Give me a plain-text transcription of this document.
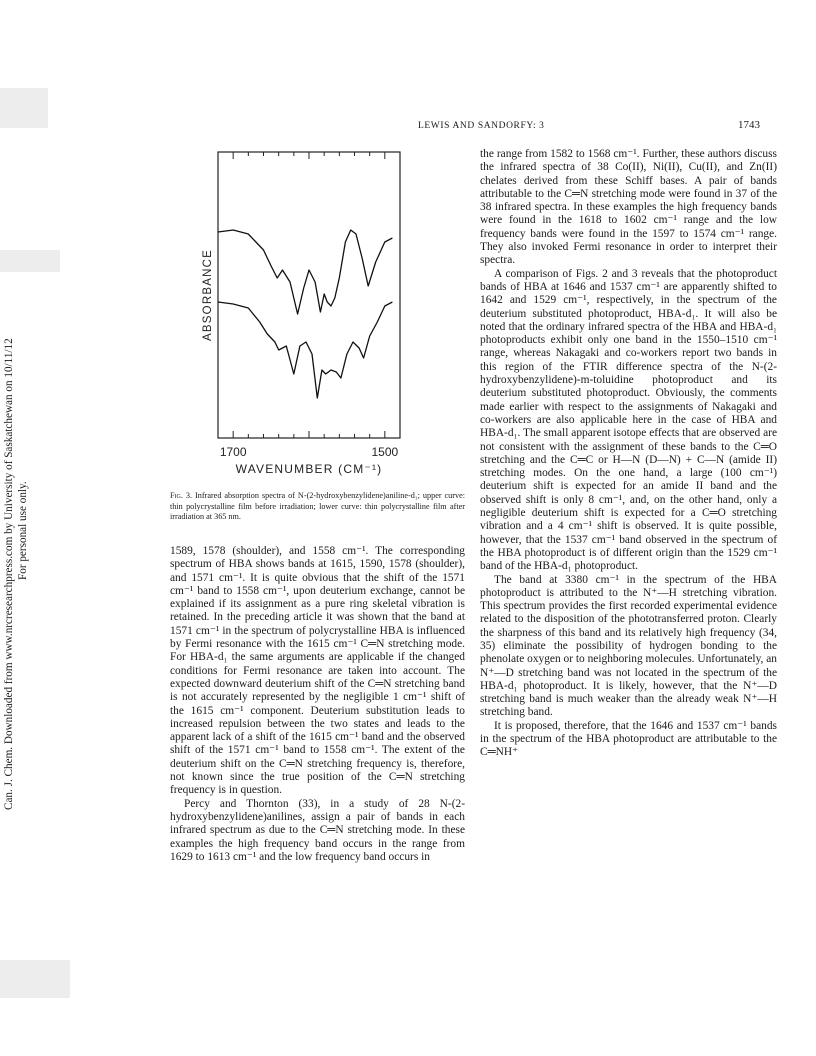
LEWIS AND SANDORFY: 3	1743
Can. J. Chem. Downloaded from www.nrcresearchpress.com by University of Saskatchewan on 10/11/12 For personal use only.
1700	1500
ABSORBANCE
WAVENUMBER (CM⁻¹)
Fig. 3. Infrared absorption spectra of N-(2-hydroxybenzylidene)aniline-d₁; upper curve: thin polycrystalline film before irradiation; lower curve: thin polycrystalline film after irradiation at 365 nm.

1589, 1578 (shoulder), and 1558 cm⁻¹. The corresponding spectrum of HBA shows bands at 1615, 1590, 1578 (shoulder), and 1571 cm⁻¹. It is quite obvious that the shift of the 1571 cm⁻¹ band to 1558 cm⁻¹, upon deuterium exchange, cannot be explained if its assignment as a pure ring skeletal vibration is retained. In the preceding article it was shown that the band at 1571 cm⁻¹ in the spectrum of polycrystalline HBA is influenced by Fermi resonance with the 1615 cm⁻¹ C═N stretching mode. For HBA-d₁ the same arguments are applicable if the changed conditions for Fermi resonance are taken into account. The expected downward deuterium shift of the C═N stretching band is not accurately represented by the negligible 1 cm⁻¹ shift of the 1615 cm⁻¹ component. Deuterium substitution leads to increased repulsion between the two states and leads to the apparent lack of a shift of the 1615 cm⁻¹ band and the observed shift of the 1571 cm⁻¹ band to 1558 cm⁻¹. The extent of the deuterium shift on the C═N stretching frequency is, therefore, not known since the true position of the C═N stretching frequency is in question.

Percy and Thornton (33), in a study of 28 N-(2-hydroxybenzylidene)anilines, assign a pair of bands in each infrared spectrum as due to the C═N stretching mode. In these examples the high frequency band occurs in the range from 1629 to 1613 cm⁻¹ and the low frequency band occurs in

the range from 1582 to 1568 cm⁻¹. Further, these authors discuss the infrared spectra of 38 Co(II), Ni(II), Cu(II), and Zn(II) chelates derived from these Schiff bases. A pair of bands attributable to the C═N stretching mode were found in 37 of the 38 infrared spectra. In these examples the high frequency bands were found in the 1618 to 1602 cm⁻¹ range and the low frequency bands were found in the 1597 to 1574 cm⁻¹ range. They also invoked Fermi resonance in order to interpret their spectra.

A comparison of Figs. 2 and 3 reveals that the photoproduct bands of HBA at 1646 and 1537 cm⁻¹ are apparently shifted to 1642 and 1529 cm⁻¹, respectively, in the spectrum of the deuterium substituted photoproduct, HBA-d₁. It will also be noted that the ordinary infrared spectra of the HBA and HBA-d₁ photoproducts exhibit only one band in the 1550–1510 cm⁻¹ range, whereas Nakagaki and co-workers report two bands in this region of the FTIR difference spectra of the N-(2-hydroxybenzylidene)-m-toluidine photoproduct and its deuterium substituted photoproduct. Obviously, the comments made earlier with respect to the assignments of Nakagaki and co-workers are also applicable here in the case of HBA and HBA-d₁. The small apparent isotope effects that are observed are not consistent with the assignment of these bands to the C═O stretching and the C═C or H—N (D—N) + C—N (amide II) stretching modes. On the one hand, a large (100 cm⁻¹) deuterium shift is expected for an amide II band and the observed shift is only 8 cm⁻¹, and, on the other hand, only a negligible deuterium shift is expected for a C═O stretching vibration and a 4 cm⁻¹ shift is observed. It is quite possible, however, that the 1537 cm⁻¹ band observed in the spectrum of the HBA photoproduct is of different origin than the 1529 cm⁻¹ band of the HBA-d₁ photoproduct.

The band at 3380 cm⁻¹ in the spectrum of the HBA photoproduct is attributed to the N⁺—H stretching vibration. This spectrum provides the first recorded experimental evidence related to the disposition of the phototransferred proton. Clearly the sharpness of this band and its relatively high frequency (34, 35) eliminate the possibility of hydrogen bonding to the phenolate oxygen or to neighboring molecules. Unfortunately, an N⁺—D stretching band was not located in the spectrum of the HBA-d₁ photoproduct. It is likely, however, that the N⁺—D stretching band is much weaker than the already weak N⁺—H stretching band.

It is proposed, therefore, that the 1646 and 1537 cm⁻¹ bands in the spectrum of the HBA photoproduct are attributable to the C═NH⁺
